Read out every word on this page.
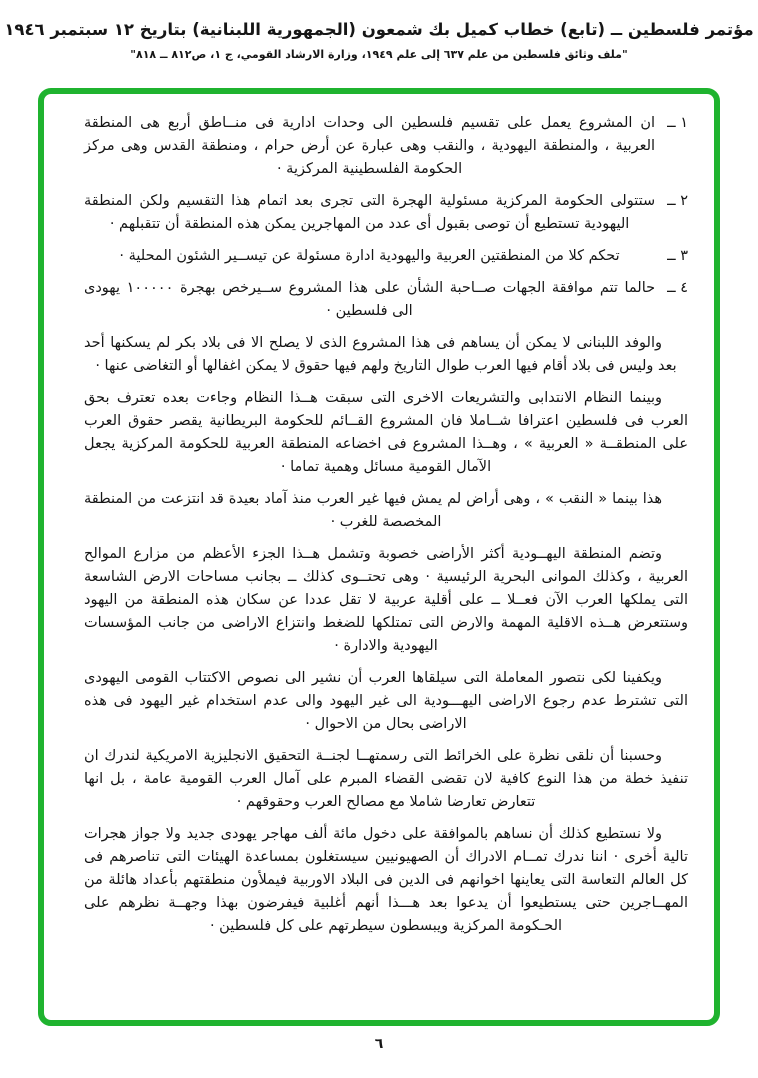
مؤتمر فلسطين ــ (تابع) خطاب كميل بك شمعون (الجمهورية اللبنانية) بتاريخ ١٢ سبتمبر ١٩٤٦
"ملف وثائق فلسطين من علم ٦٣٧ إلى علم ١٩٤٩، وزارة الارشاد القومي، ج ١، ص٨١٢ ــ ٨١٨"
١ ــ

ان المشروع يعمل على تقسيم فلسطين الى وحدات ادارية فى منــاطق أربع هى المنطقة العربية ، والمنطقة اليهودية ، والنقب وهى عبارة عن أرض حرام ، ومنطقة القدس وهى مركز الحكومة الفلسطينية المركزية ·

٢ ــ

ستتولى الحكومة المركزية مسئولية الهجرة التى تجرى بعد اتمام هذا التقسيم ولكن المنطقة اليهودية تستطيع أن توصى بقبول أى عدد من المهاجرين يمكن هذه المنطقة أن تتقبلهم ·

٣ ــ

تحكم كلا من المنطقتين العربية واليهودية ادارة مسئولة عن تيســير الشئون المحلية ·

٤ ــ

حالما تتم موافقة الجهات صــاحبة الشأن على هذا المشروع ســيرخص بهجرة ١٠٠٠٠٠ يهودى الى فلسطين ·

والوفد اللبنانى لا يمكن أن يساهم فى هذا المشروع الذى لا يصلح الا فى بلاد بكر لم يسكنها أحد بعد وليس فى بلاد أقام فيها العرب طوال التاريخ ولهم فيها حقوق لا يمكن اغفالها أو التغاضى عنها ·

وبينما النظام الانتدابى والتشريعات الاخرى التى سبقت هــذا النظام وجاءت بعده تعترف بحق العرب فى فلسطين اعترافا شــاملا فان المشروع القــائم للحكومة البريطانية يقصر حقوق العرب على المنطقــة « العربية » ، وهــذا المشروع فى اخضاعه المنطقة العربية للحكومة المركزية يجعل الآمال القومية مسائل وهمية تماما ·

هذا بينما « النقب » ، وهى أراض لم يمش فيها غير العرب منذ آماد بعيدة قد انتزعت من المنطقة المخصصة للغرب ·

وتضم المنطقة اليهــودية أكثر الأراضى خصوبة وتشمل هــذا الجزء الأعظم من مزارع الموالح العربية ، وكذلك الموانى البحرية الرئيسية · وهى تحتــوى كذلك ــ بجانب مساحات الارض الشاسعة التى يملكها العرب الآن فعــلا ــ على أقلية عربية لا تقل عددا عن سكان هذه المنطقة من اليهود وستتعرض هــذه الاقلية المهمة والارض التى تمتلكها للضغط وانتزاع الاراضى من جانب المؤسسات اليهودية والادارة ·

ويكفينا لكى نتصور المعاملة التى سيلقاها العرب أن نشير الى نصوص الاكتتاب القومى اليهودى التى تشترط عدم رجوع الاراضى اليهـــودية الى غير اليهود والى عدم استخدام غير اليهود فى هذه الاراضى بحال من الاحوال ·

وحسبنا أن نلقى نظرة على الخرائط التى رسمتهــا لجنــة التحقيق الانجليزية الامريكية لندرك ان تنفيذ خطة من هذا النوع كافية لان تقضى القضاء المبرم على آمال العرب القومية عامة ، بل انها تتعارض تعارضا شاملا مع مصالح العرب وحقوقهم ·

ولا نستطيع كذلك أن نساهم بالموافقة على دخول مائة ألف مهاجر يهودى جديد ولا جواز هجرات تالية أخرى · اننا ندرك تمــام الادراك أن الصهيونيين سيستغلون بمساعدة الهيئات التى تناصرهم فى كل العالم التعاسة التى يعاينها اخوانهم فى الدين فى البلاد الاوربية فيملأون منطقتهم بأعداد هائلة من المهــاجرين حتى يستطيعوا أن يدعوا بعد هـــذا أنهم أغلبية فيفرضون بهذا وجهــة نظرهم على الحـكومة المركزية ويبسطون سيطرتهم على كل فلسطين ·

٦
